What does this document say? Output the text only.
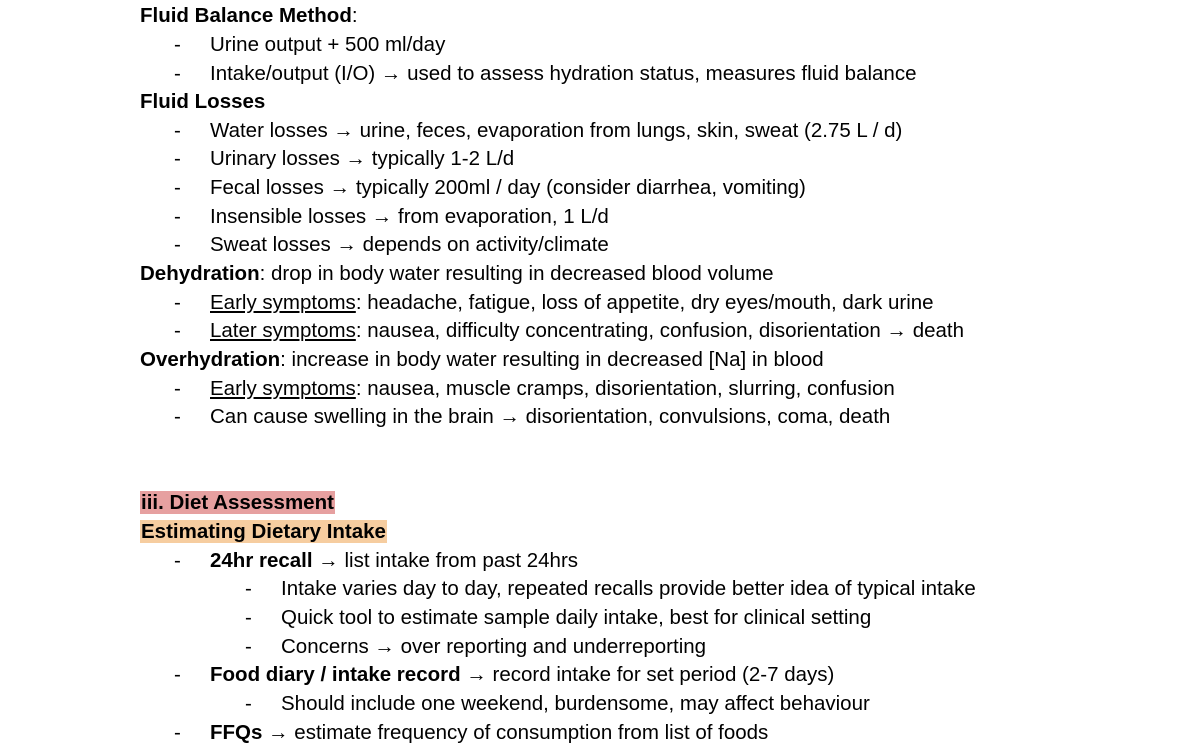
Fluid Balance Method:
- Urine output + 500 ml/day
- Intake/output (I/O) → used to assess hydration status, measures fluid balance
Fluid Losses
- Water losses → urine, feces, evaporation from lungs, skin, sweat (2.75 L / d)
- Urinary losses → typically 1-2 L/d
- Fecal losses → typically 200ml / day (consider diarrhea, vomiting)
- Insensible losses → from evaporation, 1 L/d
- Sweat losses → depends on activity/climate
Dehydration: drop in body water resulting in decreased blood volume
- Early symptoms: headache, fatigue, loss of appetite, dry eyes/mouth, dark urine
- Later symptoms: nausea, difficulty concentrating, confusion, disorientation → death
Overhydration: increase in body water resulting in decreased [Na] in blood
- Early symptoms: nausea, muscle cramps, disorientation, slurring, confusion
- Can cause swelling in the brain → disorientation, convulsions, coma, death
iii. Diet Assessment
Estimating Dietary Intake
- 24hr recall → list intake from past 24hrs
- Intake varies day to day, repeated recalls provide better idea of typical intake
- Quick tool to estimate sample daily intake, best for clinical setting
- Concerns → over reporting and underreporting
- Food diary / intake record → record intake for set period (2-7 days)
- Should include one weekend, burdensome, may affect behaviour
- FFQs → estimate frequency of consumption from list of foods
